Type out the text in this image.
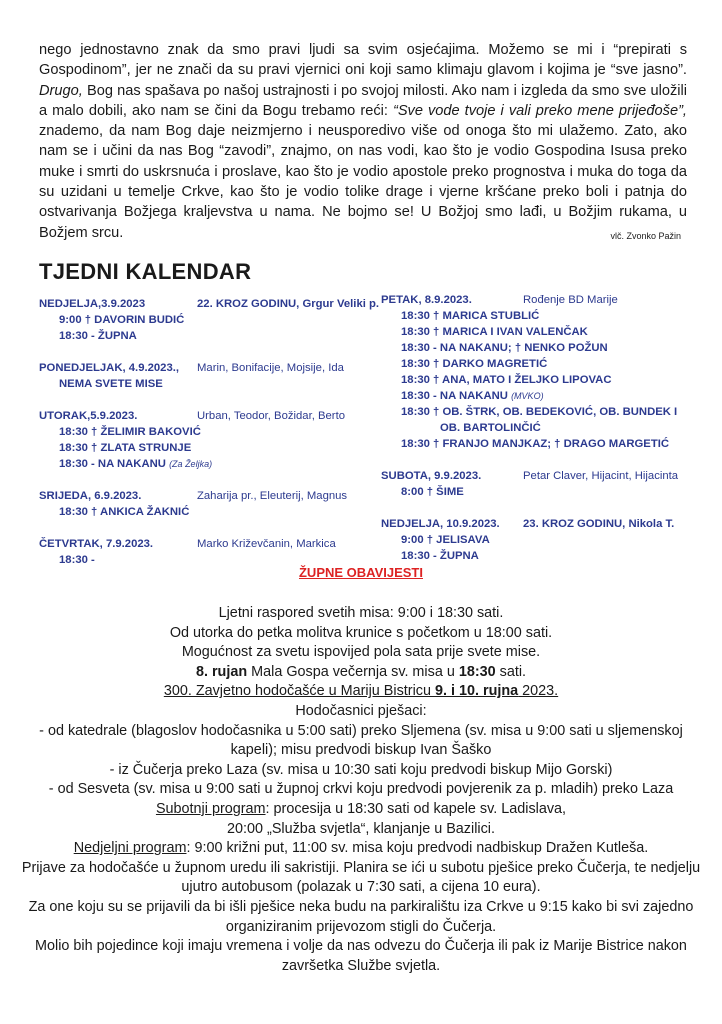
nego jednostavno znak da smo pravi ljudi sa svim osjećajima. Možemo se mi i “prepirati s Gospodinom”, jer ne znači da su pravi vjernici oni koji samo klimaju glavom i kojima je “sve jasno”. Drugo, Bog nas spašava po našoj ustrajnosti i po svojoj milosti. Ako nam i izgleda da smo sve uložili a malo dobili, ako nam se čini da Bogu trebamo reći: “Sve vode tvoje i vali preko mene prijeđoše”, znademo, da nam Bog daje neizmjerno i neusporedivo više od onoga što mi ulažemo. Zato, ako nam se i učini da nas Bog “zavodi”, znajmo, on nas vodi, kao što je vodio Gospodina Isusa preko muke i smrti do uskrsnuća i proslave, kao što je vodio apostole preko prognostva i muka do toga da su uzidani u temelje Crkve, kao što je vodio tolike drage i vjerne kršćane preko boli i patnja do ostvarivanja Božjega kraljevstva u nama. Ne bojmo se! U Božjoj smo lađi, u Božjim rukama, u Božjem srcu.	vlč. Zvonko Pažin
TJEDNI KALENDAR
NEDJELJA,3.9.2023	22. KROZ GODINU, Grgur Veliki p.
9:00 † DAVORIN BUDIĆ
18:30 - ŽUPNA
PONEDJELJAK, 4.9.2023., Marin, Bonifacije, Mojsije, Ida
NEMA SVETE MISE
UTORAK,5.9.2023.	Urban, Teodor, Božidar, Berto
18:30 † ŽELIMIR BAKOVIĆ
18:30 † ZLATA STRUNJE
18:30 - NA NAKANU (Za Željka)
SRIJEDA, 6.9.2023.	Zaharija pr., Eleuterij, Magnus
18:30 † ANKICA ŽAKNIĆ
ČETVRTAK, 7.9.2023.	Marko Križevčanin, Markica
18:30 -
PETAK, 8.9.2023.	Rođenje BD Marije
18:30 † MARICA STUBLIĆ
18:30 † MARICA I IVAN VALENČAK
18:30 - NA NAKANU; † NENKO POŽUN
18:30 † DARKO MAGRETIĆ
18:30 † ANA, MATO I ŽELJKO LIPOVAC
18:30 - NA NAKANU (MVKO)
18:30 † OB. ŠTRK, OB. BEDEKOVIĆ, OB. BUNDEK I
OB. BARTOLINČIĆ
18:30 † FRANJO MANJKAZ; † DRAGO MARGETIĆ
SUBOTA, 9.9.2023.	Petar Claver, Hijacint, Hijacinta
8:00 † ŠIME
NEDJELJA, 10.9.2023. 23. KROZ GODINU, Nikola T.
9:00 † JELISAVA
18:30 - ŽUPNA
ŽUPNE OBAVIJESTI

Ljetni raspored svetih misa: 9:00 i 18:30 sati.

Od utorka do petka molitva krunice s početkom u 18:00 sati.

Mogućnost za svetu ispovijed pola sata prije svete mise.

8. rujan Mala Gospa večernja sv. misa u 18:30 sati.

300. Zavjetno hodočašće u Mariju Bistricu 9. i 10. rujna 2023.

Hodočasnici pješaci:

- od katedrale (blagoslov hodočasnika u 5:00 sati) preko Sljemena (sv. misa u 9:00 sati u sljemenskoj kapeli); misu predvodi biskup Ivan Šaško

- iz Čučerja preko Laza (sv. misa u 10:30 sati koju predvodi biskup Mijo Gorski)

- od Sesveta (sv. misa u 9:00 sati u župnoj crkvi koju predvodi povjerenik za p. mladih) preko Laza

Subotnji program: procesija u 18:30 sati od kapele sv. Ladislava,

20:00 „Služba svjetla“, klanjanje u Bazilici.

Nedjeljni program: 9:00 križni put, 11:00 sv. misa koju predvodi nadbiskup Dražen Kutleša.

Prijave za hodočašće u župnom uredu ili sakristiji. Planira se ići u subotu pješice preko Čučerja, te nedjelju ujutro autobusom (polazak u 7:30 sati, a cijena 10 eura).

Za one koju su se prijavili da bi išli pješice neka budu na parkiralištu iza Crkve u 9:15 kako bi svi zajedno organiziranim prijevozom stigli do Čučerja.

Molio bih pojedince koji imaju vremena i volje da nas odvezu do Čučerja ili pak iz Marije Bistrice nakon završetka Službe svjetla.
